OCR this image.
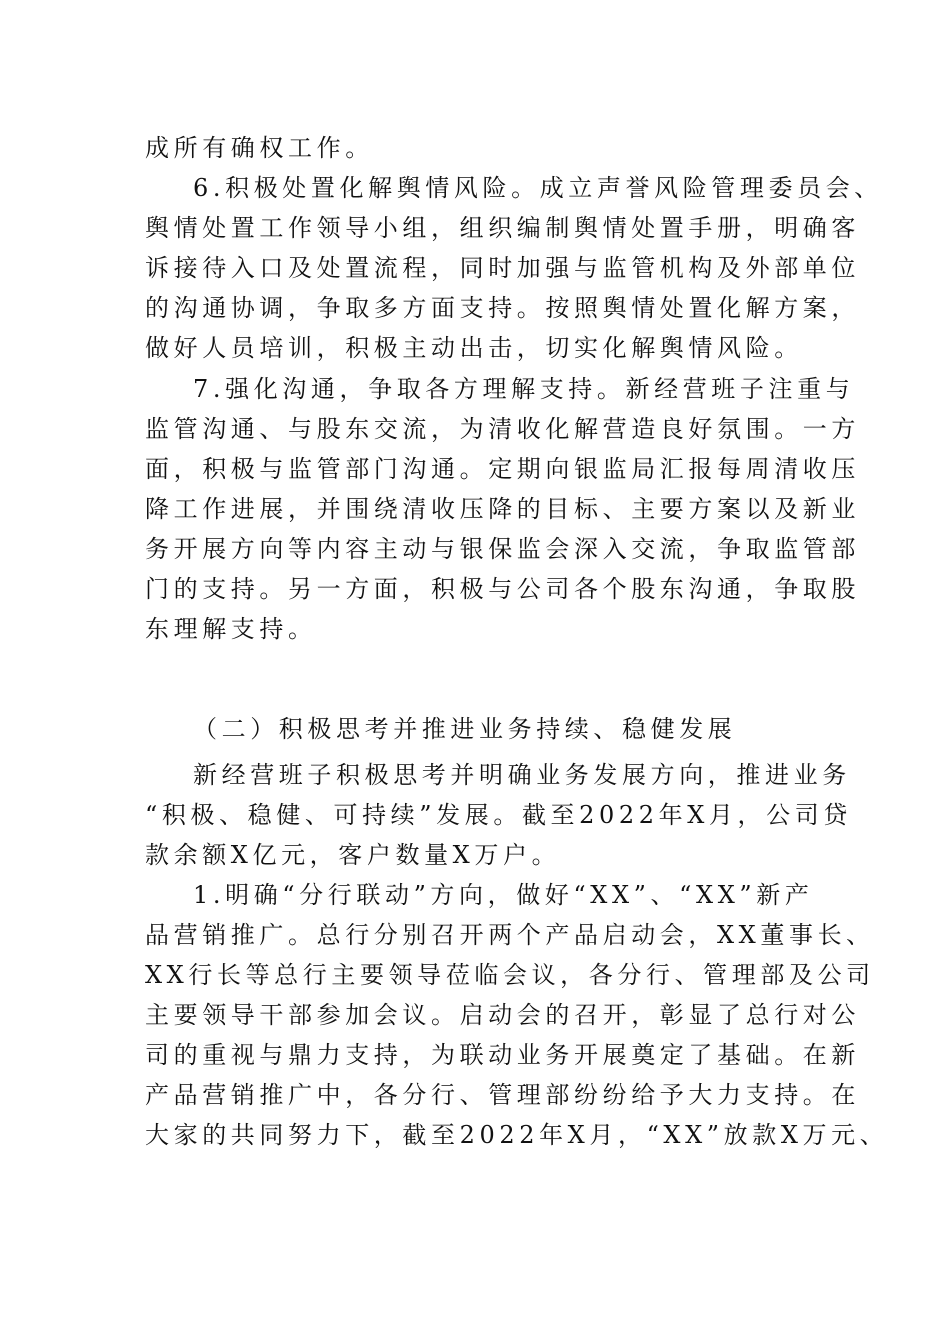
成所有确权工作。
6.积极处置化解舆情风险。成立声誉风险管理委员会、
舆情处置工作领导小组，组织编制舆情处置手册，明确客
诉接待入口及处置流程，同时加强与监管机构及外部单位
的沟通协调，争取多方面支持。按照舆情处置化解方案，
做好人员培训，积极主动出击，切实化解舆情风险。
7.强化沟通，争取各方理解支持。新经营班子注重与
监管沟通、与股东交流，为清收化解营造良好氛围。一方
面，积极与监管部门沟通。定期向银监局汇报每周清收压
降工作进展，并围绕清收压降的目标、主要方案以及新业
务开展方向等内容主动与银保监会深入交流，争取监管部
门的支持。另一方面，积极与公司各个股东沟通，争取股
东理解支持。
（二）积极思考并推进业务持续、稳健发展
新经营班子积极思考并明确业务发展方向，推进业务
“积极、稳健、可持续”发展。截至2022年X月，公司贷
款余额X亿元，客户数量X万户。
1.明确“分行联动”方向，做好“XX”、“XX”新产
品营销推广。总行分别召开两个产品启动会，XX董事长、
XX行长等总行主要领导莅临会议，各分行、管理部及公司
主要领导干部参加会议。启动会的召开，彰显了总行对公
司的重视与鼎力支持，为联动业务开展奠定了基础。在新
产品营销推广中，各分行、管理部纷纷给予大力支持。在
大家的共同努力下，截至2022年X月，“XX”放款X万元、
